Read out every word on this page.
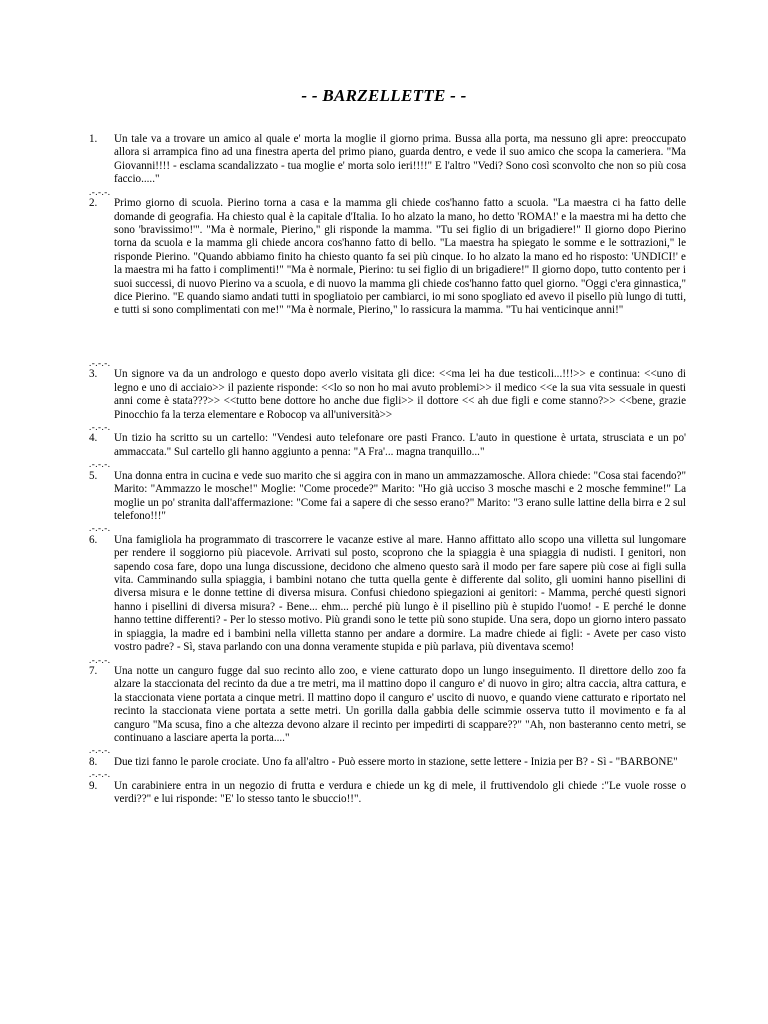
- - BARZELLETTE - -
1.	Un tale va a trovare un amico al quale e' morta la moglie il giorno prima. Bussa alla porta, ma nessuno gli apre: preoccupato allora si arrampica fino ad una finestra aperta del primo piano, guarda dentro, e vede il suo amico che scopa la cameriera. "Ma Giovanni!!!! - esclama scandalizzato - tua moglie e' morta solo ieri!!!!" E l'altro "Vedi? Sono così sconvolto che non so più cosa faccio....."
.-.-.-.
2.	Primo giorno di scuola. Pierino torna a casa e la mamma gli chiede cos'hanno fatto a scuola. "La maestra ci ha fatto delle domande di geografia. Ha chiesto qual è la capitale d'Italia. Io ho alzato la mano, ho detto 'ROMA!' e la maestra mi ha detto che sono 'bravissimo!'". "Ma è normale, Pierino," gli risponde la mamma. "Tu sei figlio di un brigadiere!" Il giorno dopo Pierino torna da scuola e la mamma gli chiede ancora cos'hanno fatto di bello. "La maestra ha spiegato le somme e le sottrazioni," le risponde Pierino. "Quando abbiamo finito ha chiesto quanto fa sei più cinque. Io ho alzato la mano ed ho risposto: 'UNDICI!' e la maestra mi ha fatto i complimenti!" "Ma è normale, Pierino: tu sei figlio di un brigadiere!" Il giorno dopo, tutto contento per i suoi successi, di nuovo Pierino va a scuola, e di nuovo la mamma gli chiede cos'hanno fatto quel giorno. "Oggi c'era ginnastica," dice Pierino. "E quando siamo andati tutti in spogliatoio per cambiarci, io mi sono spogliato ed avevo il pisello più lungo di tutti, e tutti si sono complimentati con me!" "Ma è normale, Pierino," lo rassicura la mamma. "Tu hai venticinque anni!"
.-.-.-.
3.	Un signore va da un andrologo e questo dopo averlo visitata gli dice: <<ma lei ha due testicoli...!!!>> e continua: <<uno di legno e uno di acciaio>> il paziente risponde: <<lo so non ho mai avuto problemi>> il medico <<e la sua vita sessuale in questi anni come è stata???>> <<tutto bene dottore ho anche due figli>> il dottore << ah due figli e come stanno?>> <<bene, grazie Pinocchio fa la terza elementare e Robocop va all'università>>
.-.-.-.
4.	Un tizio ha scritto su un cartello: "Vendesi auto telefonare ore pasti Franco. L'auto in questione è urtata, strusciata e un po' ammaccata." Sul cartello gli hanno aggiunto a penna: "A Fra'... magna tranquillo..."
.-.-.-.
5.	Una donna entra in cucina e vede suo marito che si aggira con in mano un ammazzamosche. Allora chiede: "Cosa stai facendo?" Marito: "Ammazzo le mosche!" Moglie: "Come procede?" Marito: "Ho già ucciso 3 mosche maschi e 2 mosche femmine!" La moglie un po' stranita dall'affermazione: "Come fai a sapere di che sesso erano?" Marito: "3 erano sulle lattine della birra e 2 sul telefono!!!"
.-.-.-.
6.	Una famigliola ha programmato di trascorrere le vacanze estive al mare. Hanno affittato allo scopo una villetta sul lungomare per rendere il soggiorno più piacevole. Arrivati sul posto, scoprono che la spiaggia è una spiaggia di nudisti. I genitori, non sapendo cosa fare, dopo una lunga discussione, decidono che almeno questo sarà il modo per fare sapere più cose ai figli sulla vita. Camminando sulla spiaggia, i bambini notano che tutta quella gente è differente dal solito, gli uomini hanno pisellini di diversa misura e le donne tettine di diversa misura. Confusi chiedono spiegazioni ai genitori: - Mamma, perché questi signori hanno i pisellini di diversa misura? - Bene... ehm... perché più lungo è il pisellino più è stupido l'uomo! - E perché le donne hanno tettine differenti? - Per lo stesso motivo. Più grandi sono le tette più sono stupide. Una sera, dopo un giorno intero passato in spiaggia, la madre ed i bambini nella villetta stanno per andare a dormire. La madre chiede ai figli: - Avete per caso visto vostro padre? - Sì, stava parlando con una donna veramente stupida e più parlava, più diventava scemo!
.-.-.-.
7.	Una notte un canguro fugge dal suo recinto allo zoo, e viene catturato dopo un lungo inseguimento. Il direttore dello zoo fa alzare la staccionata del recinto da due a tre metri, ma il mattino dopo il canguro e' di nuovo in giro; altra caccia, altra cattura, e la staccionata viene portata a cinque metri. Il mattino dopo il canguro e' uscito di nuovo, e quando viene catturato e riportato nel recinto la staccionata viene portata a sette metri. Un gorilla dalla gabbia delle scimmie osserva tutto il movimento e fa al canguro "Ma scusa, fino a che altezza devono alzare il recinto per impedirti di scappare??" "Ah, non basteranno cento metri, se continuano a lasciare aperta la porta...."
.-.-.-.
8.	Due tizi fanno le parole crociate. Uno fa all'altro - Può essere morto in stazione, sette lettere - Inizia per B? - Sì - "BARBONE"
.-.-.-.
9.	Un carabiniere entra in un negozio di frutta e verdura e chiede un kg di mele, il fruttivendolo gli chiede :"Le vuole rosse o verdi??" e lui risponde: "E' lo stesso tanto le sbuccio!!".
